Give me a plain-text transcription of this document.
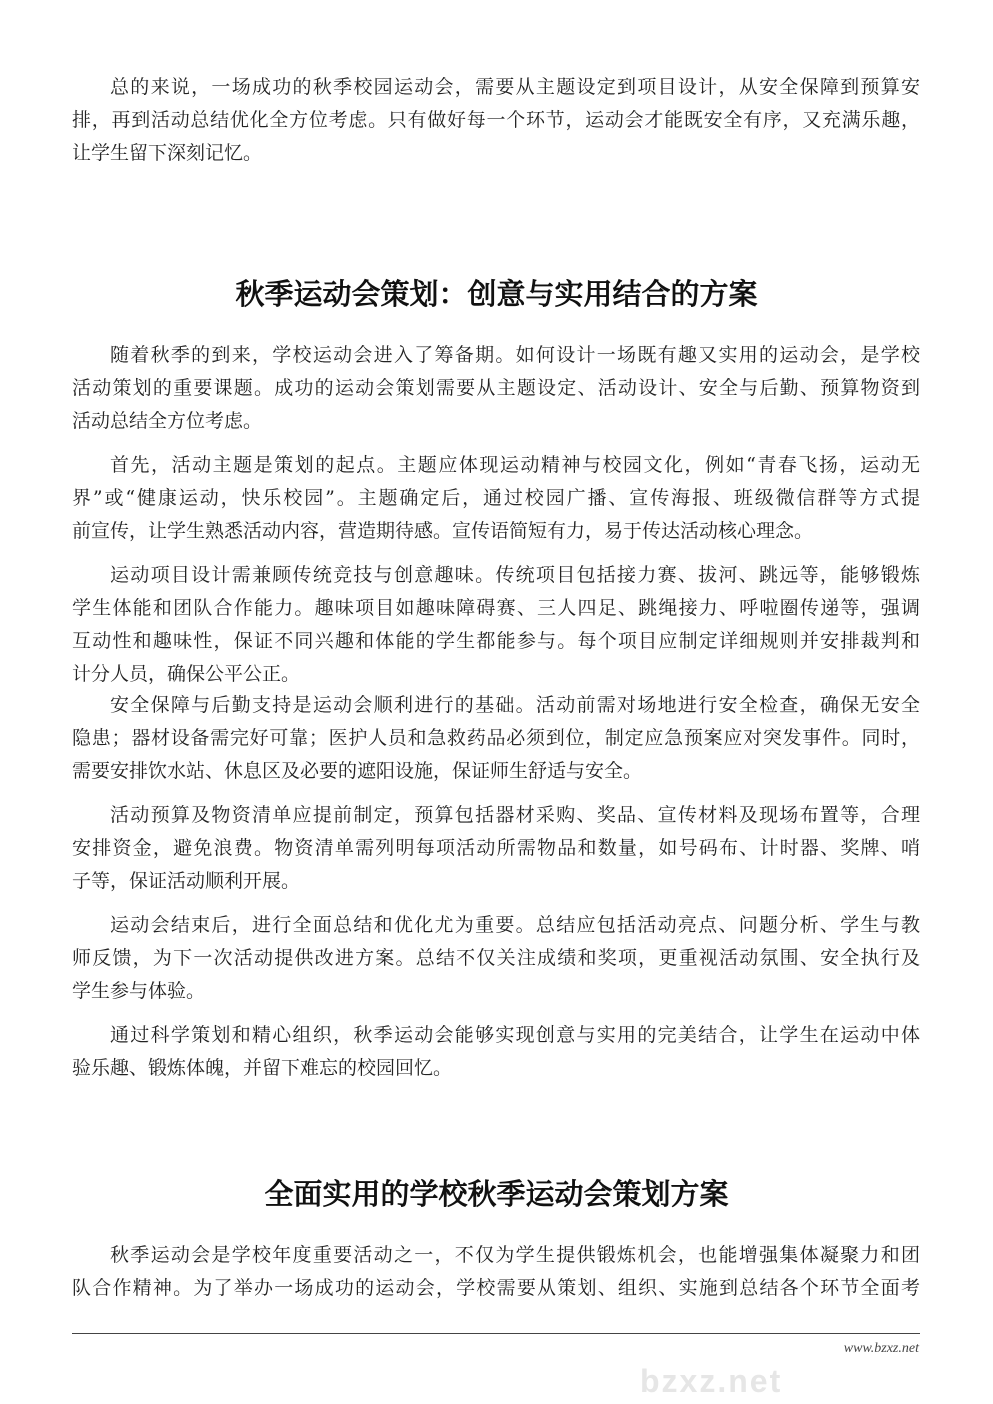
总的来说，一场成功的秋季校园运动会，需要从主题设定到项目设计，从安全保障到预算安
排，再到活动总结优化全方位考虑。只有做好每一个环节，运动会才能既安全有序，又充满乐趣，
让学生留下深刻记忆。
秋季运动会策划：创意与实用结合的方案
随着秋季的到来，学校运动会进入了筹备期。如何设计一场既有趣又实用的运动会，是学校
活动策划的重要课题。成功的运动会策划需要从主题设定、活动设计、安全与后勤、预算物资到
活动总结全方位考虑。
首先，活动主题是策划的起点。主题应体现运动精神与校园文化，例如“青春飞扬，运动无
界”或“健康运动，快乐校园”。主题确定后，通过校园广播、宣传海报、班级微信群等方式提
前宣传，让学生熟悉活动内容，营造期待感。宣传语简短有力，易于传达活动核心理念。
运动项目设计需兼顾传统竞技与创意趣味。传统项目包括接力赛、拔河、跳远等，能够锻炼
学生体能和团队合作能力。趣味项目如趣味障碍赛、三人四足、跳绳接力、呼啦圈传递等，强调
互动性和趣味性，保证不同兴趣和体能的学生都能参与。每个项目应制定详细规则并安排裁判和
计分人员，确保公平公正。
安全保障与后勤支持是运动会顺利进行的基础。活动前需对场地进行安全检查，确保无安全
隐患；器材设备需完好可靠；医护人员和急救药品必须到位，制定应急预案应对突发事件。同时，
需要安排饮水站、休息区及必要的遮阳设施，保证师生舒适与安全。
活动预算及物资清单应提前制定，预算包括器材采购、奖品、宣传材料及现场布置等，合理
安排资金，避免浪费。物资清单需列明每项活动所需物品和数量，如号码布、计时器、奖牌、哨
子等，保证活动顺利开展。
运动会结束后，进行全面总结和优化尤为重要。总结应包括活动亮点、问题分析、学生与教
师反馈，为下一次活动提供改进方案。总结不仅关注成绩和奖项，更重视活动氛围、安全执行及
学生参与体验。
通过科学策划和精心组织，秋季运动会能够实现创意与实用的完美结合，让学生在运动中体
验乐趣、锻炼体魄，并留下难忘的校园回忆。
全面实用的学校秋季运动会策划方案
秋季运动会是学校年度重要活动之一，不仅为学生提供锻炼机会，也能增强集体凝聚力和团
队合作精神。为了举办一场成功的运动会，学校需要从策划、组织、实施到总结各个环节全面考
www.bzxz.net
bzxz.net
